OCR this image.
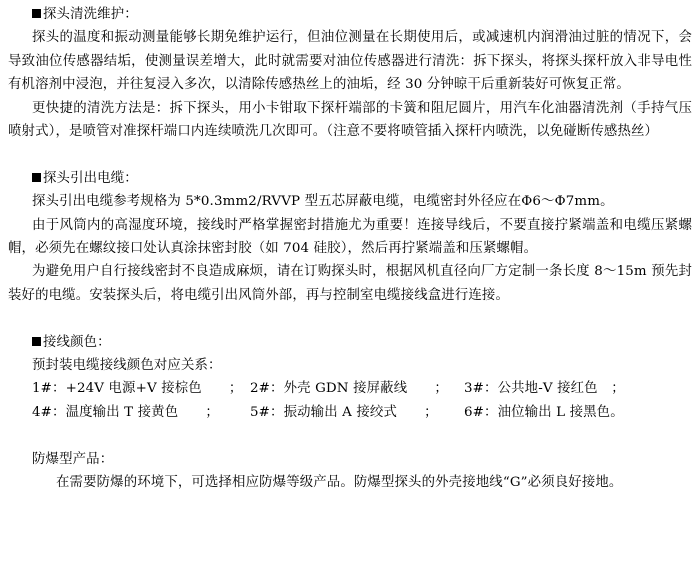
探头清洗维护：

探头的温度和振动测量能够长期免维护运行，但油位测量在长期使用后，或减速机内润滑油过脏的情况下，会导致油位传感器结垢，使测量误差增大，此时就需要对油位传感器进行清洗：拆下探头，将探头探杆放入非导电性有机溶剂中浸泡，并往复浸入多次，以清除传感热丝上的油垢，经 30 分钟晾干后重新装好可恢复正常。

更快捷的清洗方法是：拆下探头，用小卡钳取下探杆端部的卡簧和阻尼圆片，用汽车化油器清洗剂（手持气压喷射式），是喷管对准探杆端口内连续喷洗几次即可。（注意不要将喷管插入探杆内喷洗，以免碰断传感热丝）

探头引出电缆：

探头引出电缆参考规格为 5*0.3mm2/RVVP 型五芯屏蔽电缆，电缆密封外径应在Φ6～Φ7mm。

由于风筒内的高湿度环境，接线时严格掌握密封措施尤为重要！连接导线后，不要直接拧紧端盖和电缆压紧螺帽，必须先在螺纹接口处认真涂抹密封胶（如 704 硅胶），然后再拧紧端盖和压紧螺帽。

为避免用户自行接线密封不良造成麻烦，请在订购探头时，根据风机直径向厂方定制一条长度 8～15m 预先封装好的电缆。安装探头后，将电缆引出风筒外部，再与控制室电缆接线盒进行连接。

接线颜色：

预封装电缆接线颜色对应关系：

1#：+24V 电源+V 接棕色　　； 2#：外壳 GDN 接屏蔽线　　；	3#：公共地-V 接红色　；
4#：温度输出 T 接黄色　　；	5#：振动输出 A 接绞式　　；	6#：油位输出 L 接黑色。

防爆型产品：

在需要防爆的环境下，可选择相应防爆等级产品。防爆型探头的外壳接地线“G”必须良好接地。
